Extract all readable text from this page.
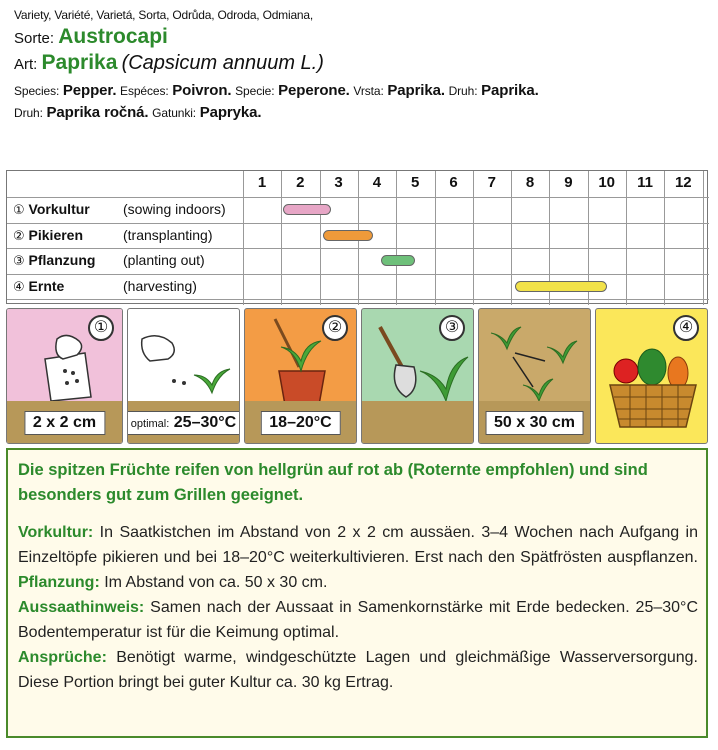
Variety, Variété, Varietá, Sorta, Odrůda, Odroda, Odmiana,
Sorte: Austrocapi
Art: Paprika (Capsicum annuum L.)
Species: Pepper. Espéces: Poivron. Specie: Peperone. Vrsta: Paprika. Druh: Paprika.
Druh: Paprika ročná. Gatunki: Papryka.
1	2	3	4	5	6	7	8	9	10	11	12
① Vorkultur (sowing indoors)
② Pikieren	(transplanting)
③ Pflanzung (planting out)
④ Ernte	(harvesting)
①
2 x 2 cm	optimal: 25–30°C
②
18–20°C
③
50 x 30 cm
④
Die spitzen Früchte reifen von hellgrün auf rot ab (Roternte empfohlen) und sind besonders gut zum Grillen geeignet.
Vorkultur: In Saatkistchen im Abstand von 2 x 2 cm aussäen. 3–4 Wochen nach Aufgang in Einzeltöpfe pikieren und bei 18–20°C weiterkultivieren. Erst nach den Spätfrösten auspflanzen. Pflanzung: Im Abstand von ca. 50 x 30 cm.
Aussaathinweis: Samen nach der Aussaat in Samenkornstärke mit Erde bedecken. 25–30°C Bodentemperatur ist für die Keimung optimal.
Ansprüche: Benötigt warme, windgeschützte Lagen und gleichmäßige Wasserversorgung. Diese Portion bringt bei guter Kultur ca. 30 kg Ertrag.
